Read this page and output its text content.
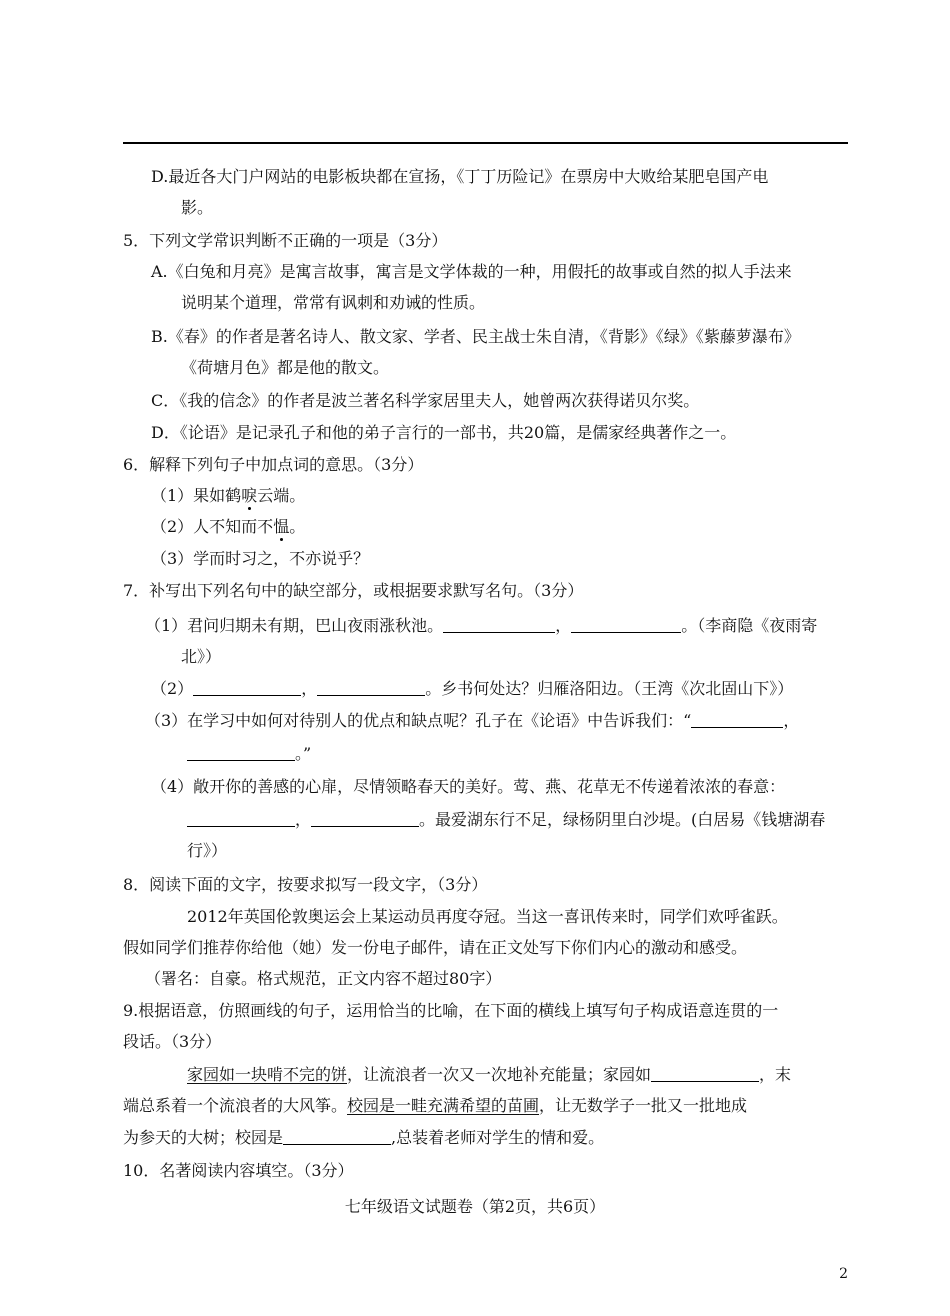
D.最近各大门户网站的电影板块都在宣扬，《丁丁历险记》在票房中大败给某肥皂国产电
影。
5．下列文学常识判断不正确的一项是（3分）
A.《白兔和月亮》是寓言故事，寓言是文学体裁的一种，用假托的故事或自然的拟人手法来
说明某个道理，常常有讽刺和劝诫的性质。
B.《春》的作者是著名诗人、散文家、学者、民主战士朱自清，《背影》《绿》《紫藤萝瀑布》
《荷塘月色》都是他的散文。
C．《我的信念》的作者是波兰著名科学家居里夫人，她曾两次获得诺贝尔奖。
D．《论语》是记录孔子和他的弟子言行的一部书，共20篇，是儒家经典著作之一。
6．解释下列句子中加点词的意思。（3分）
（1）果如鹤唳云端。
（2）人不知而不愠。
（3）学而时习之，不亦说乎？
7．补写出下列名句中的缺空部分，或根据要求默写名句。（3分）
（1）君问归期未有期，巴山夜雨涨秋池。	，	。（李商隐《夜雨寄
北》）
（2）	，	。乡书何处达？归雁洛阳边。（王湾《次北固山下》）
（3）在学习中如何对待别人的优点和缺点呢？孔子在《论语》中告诉我们：“	，
。”
（4）敞开你的善感的心扉，尽情领略春天的美好。莺、燕、花草无不传递着浓浓的春意：
，	。最爱湖东行不足，绿杨阴里白沙堤。(白居易《钱塘湖春
行》）
8．阅读下面的文字，按要求拟写一段文字，（3分）
2012年英国伦敦奥运会上某运动员再度夺冠。当这一喜讯传来时，同学们欢呼雀跃。
假如同学们推荐你给他（她）发一份电子邮件，请在正文处写下你们内心的激动和感受。
（署名：自豪。格式规范，正文内容不超过80字）
9.根据语意，仿照画线的句子，运用恰当的比喻，在下面的横线上填写句子构成语意连贯的一
段话。（3分）
家园如一块啃不完的饼，让流浪者一次又一次地补充能量；家园如	，末
端总系着一个流浪者的大风筝。校园是一畦充满希望的苗圃，让无数学子一批又一批地成
为参天的大树；校园是	,总装着老师对学生的情和爱。
10．名著阅读内容填空。（3分）
七年级语文试题卷（第2页，共6页）
2
